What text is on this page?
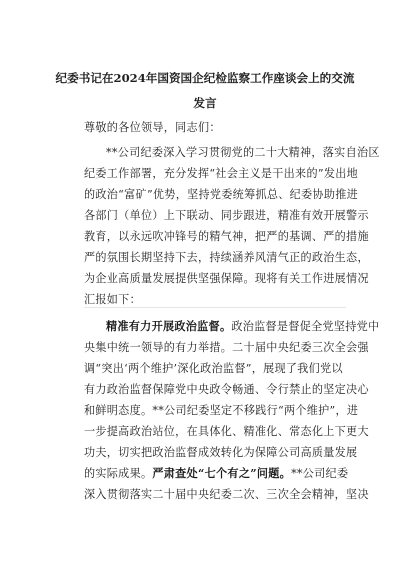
纪委书记在2024年国资国企纪检监察工作座谈会上的交流
发言
尊敬的各位领导，同志们：
**公司纪委深入学习贯彻党的二十大精神，落实自治区
纪委工作部署，充分发挥“社会主义是干出来的”发出地
的政治“富矿”优势，坚持党委统筹抓总、纪委协助推进
各部门（单位）上下联动、同步跟进，精准有效开展警示
教育，以永远吹冲锋号的精气神，把严的基调、严的措施
严的氛围长期坚持下去，持续涵养风清气正的政治生态，
为企业高质量发展提供坚强保障。现将有关工作进展情况
汇报如下：
精准有力开展政治监督。政治监督是督促全党坚持党中
央集中统一领导的有力举措。二十届中央纪委三次全会强
调“突出‘两个维护’深化政治监督”，展现了我们党以
有力政治监督保障党中央政令畅通、令行禁止的坚定决心
和鲜明态度。**公司纪委坚定不移践行“两个维护”，进
一步提高政治站位，在具体化、精准化、常态化上下更大
功夫，切实把政治监督成效转化为保障公司高质量发展
的实际成果。严肃查处“七个有之”问题。**公司纪委
深入贯彻落实二十届中央纪委二次、三次全会精神，坚决
